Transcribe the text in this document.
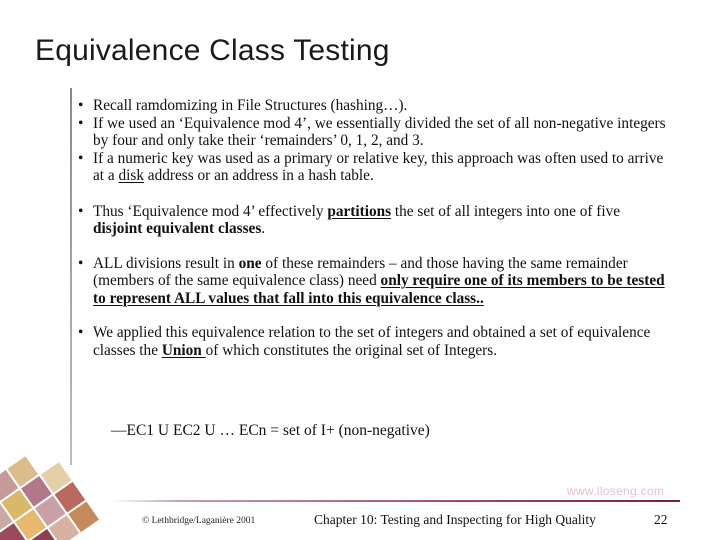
Equivalence Class Testing
• Recall ramdomizing in File Structures (hashing…).
• If we used an ‘Equivalence mod 4’, we essentially divided the set of all non-negative integers by four and only take their ‘remainders’ 0, 1, 2, and 3.
• If a numeric key was used as a primary or relative key, this approach was often used to arrive at a disk address or an address in a hash table.
• Thus ‘Equivalence mod 4’ effectively partitions the set of all integers into one of five disjoint equivalent classes.
• ALL divisions result in one of these remainders – and those having the same remainder (members of the same equivalence class) need only require one of its members to be tested to represent ALL values that fall into this equivalence class..
• We applied this equivalence relation to the set of integers and obtained a set of equivalence classes the Union of which constitutes the original set of Integers.
—EC1 U EC2 U … ECn = set of I+ (non-negative)
www.lloseng.com
© Lethbridge/Laganière 2001	Chapter 10: Testing and Inspecting for High Quality	22
